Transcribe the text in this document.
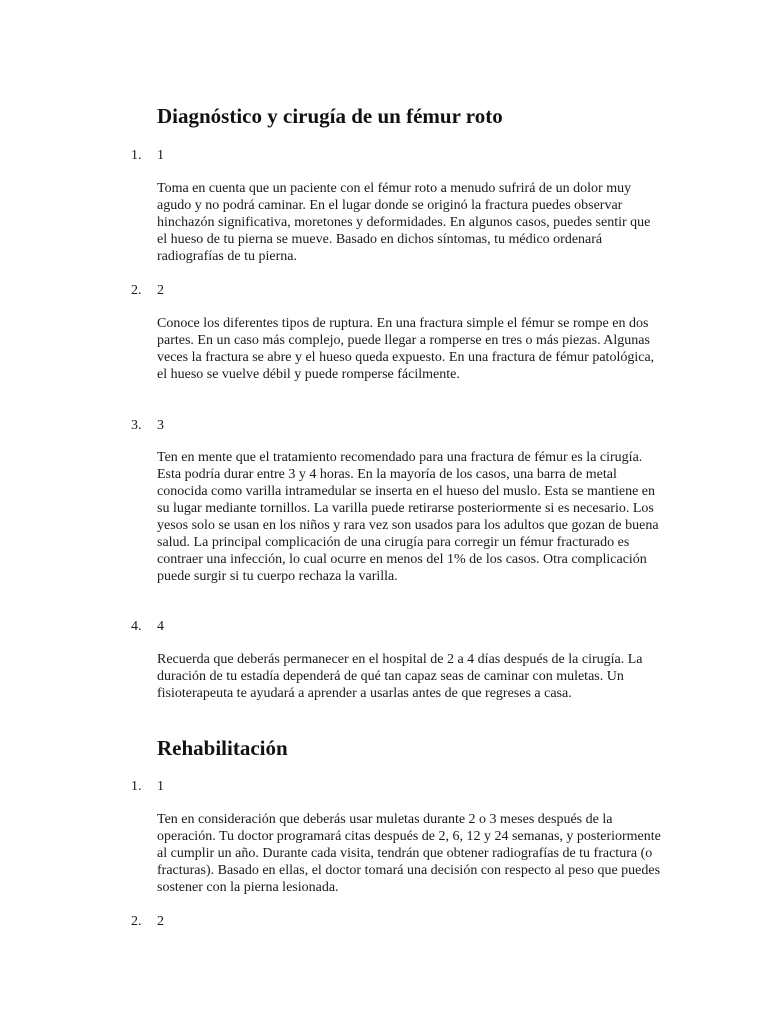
Diagnóstico y cirugía de un fémur roto
1. 1

Toma en cuenta que un paciente con el fémur roto a menudo sufrirá de un dolor muy agudo y no podrá caminar. En el lugar donde se originó la fractura puedes observar hinchazón significativa, moretones y deformidades. En algunos casos, puedes sentir que el hueso de tu pierna se mueve. Basado en dichos síntomas, tu médico ordenará radiografías de tu pierna.

2. 2

Conoce los diferentes tipos de ruptura. En una fractura simple el fémur se rompe en dos partes. En un caso más complejo, puede llegar a romperse en tres o más piezas. Algunas veces la fractura se abre y el hueso queda expuesto. En una fractura de fémur patológica, el hueso se vuelve débil y puede romperse fácilmente.

3. 3

Ten en mente que el tratamiento recomendado para una fractura de fémur es la cirugía. Esta podría durar entre 3 y 4 horas. En la mayoría de los casos, una barra de metal conocida como varilla intramedular se inserta en el hueso del muslo. Esta se mantiene en su lugar mediante tornillos. La varilla puede retirarse posteriormente si es necesario. Los yesos solo se usan en los niños y rara vez son usados para los adultos que gozan de buena salud. La principal complicación de una cirugía para corregir un fémur fracturado es contraer una infección, lo cual ocurre en menos del 1% de los casos. Otra complicación puede surgir si tu cuerpo rechaza la varilla.

4. 4

Recuerda que deberás permanecer en el hospital de 2 a 4 días después de la cirugía. La duración de tu estadía dependerá de qué tan capaz seas de caminar con muletas. Un fisioterapeuta te ayudará a aprender a usarlas antes de que regreses a casa.

Rehabilitación
1. 1

Ten en consideración que deberás usar muletas durante 2 o 3 meses después de la operación. Tu doctor programará citas después de 2, 6, 12 y 24 semanas, y posteriormente al cumplir un año. Durante cada visita, tendrán que obtener radiografías de tu fractura (o fracturas). Basado en ellas, el doctor tomará una decisión con respecto al peso que puedes sostener con la pierna lesionada.

2. 2
